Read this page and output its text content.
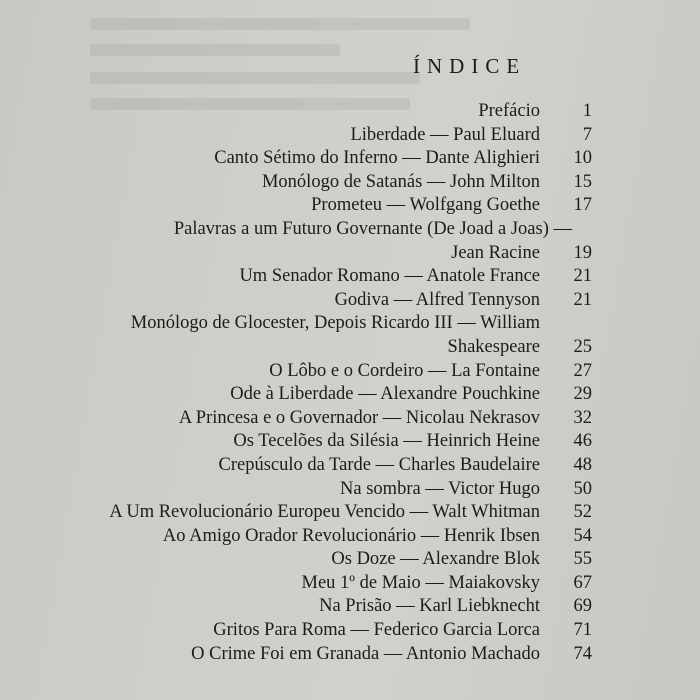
ÍNDICE
Prefácio	1
Liberdade — Paul Eluard	7
Canto Sétimo do Inferno — Dante Alighieri	10
Monólogo de Satanás — John Milton	15
Prometeu — Wolfgang Goethe	17
Palavras a um Futuro Governante (De Joad a Joas) —
Jean Racine	19
Um Senador Romano — Anatole France	21
Godiva — Alfred Tennyson	21
Monólogo de Glocester, Depois Ricardo III — William
Shakespeare	25
O Lôbo e o Cordeiro — La Fontaine	27
Ode à Liberdade — Alexandre Pouchkine	29
A Princesa e o Governador — Nicolau Nekrasov	32
Os Tecelões da Silésia — Heinrich Heine	46
Crepúsculo da Tarde — Charles Baudelaire	48
Na sombra — Victor Hugo	50
A Um Revolucionário Europeu Vencido — Walt Whitman	52
Ao Amigo Orador Revolucionário — Henrik Ibsen	54
Os Doze — Alexandre Blok	55
Meu 1º de Maio — Maiakovsky	67
Na Prisão — Karl Liebknecht	69
Gritos Para Roma — Federico Garcia Lorca	71
O Crime Foi em Granada — Antonio Machado	74
